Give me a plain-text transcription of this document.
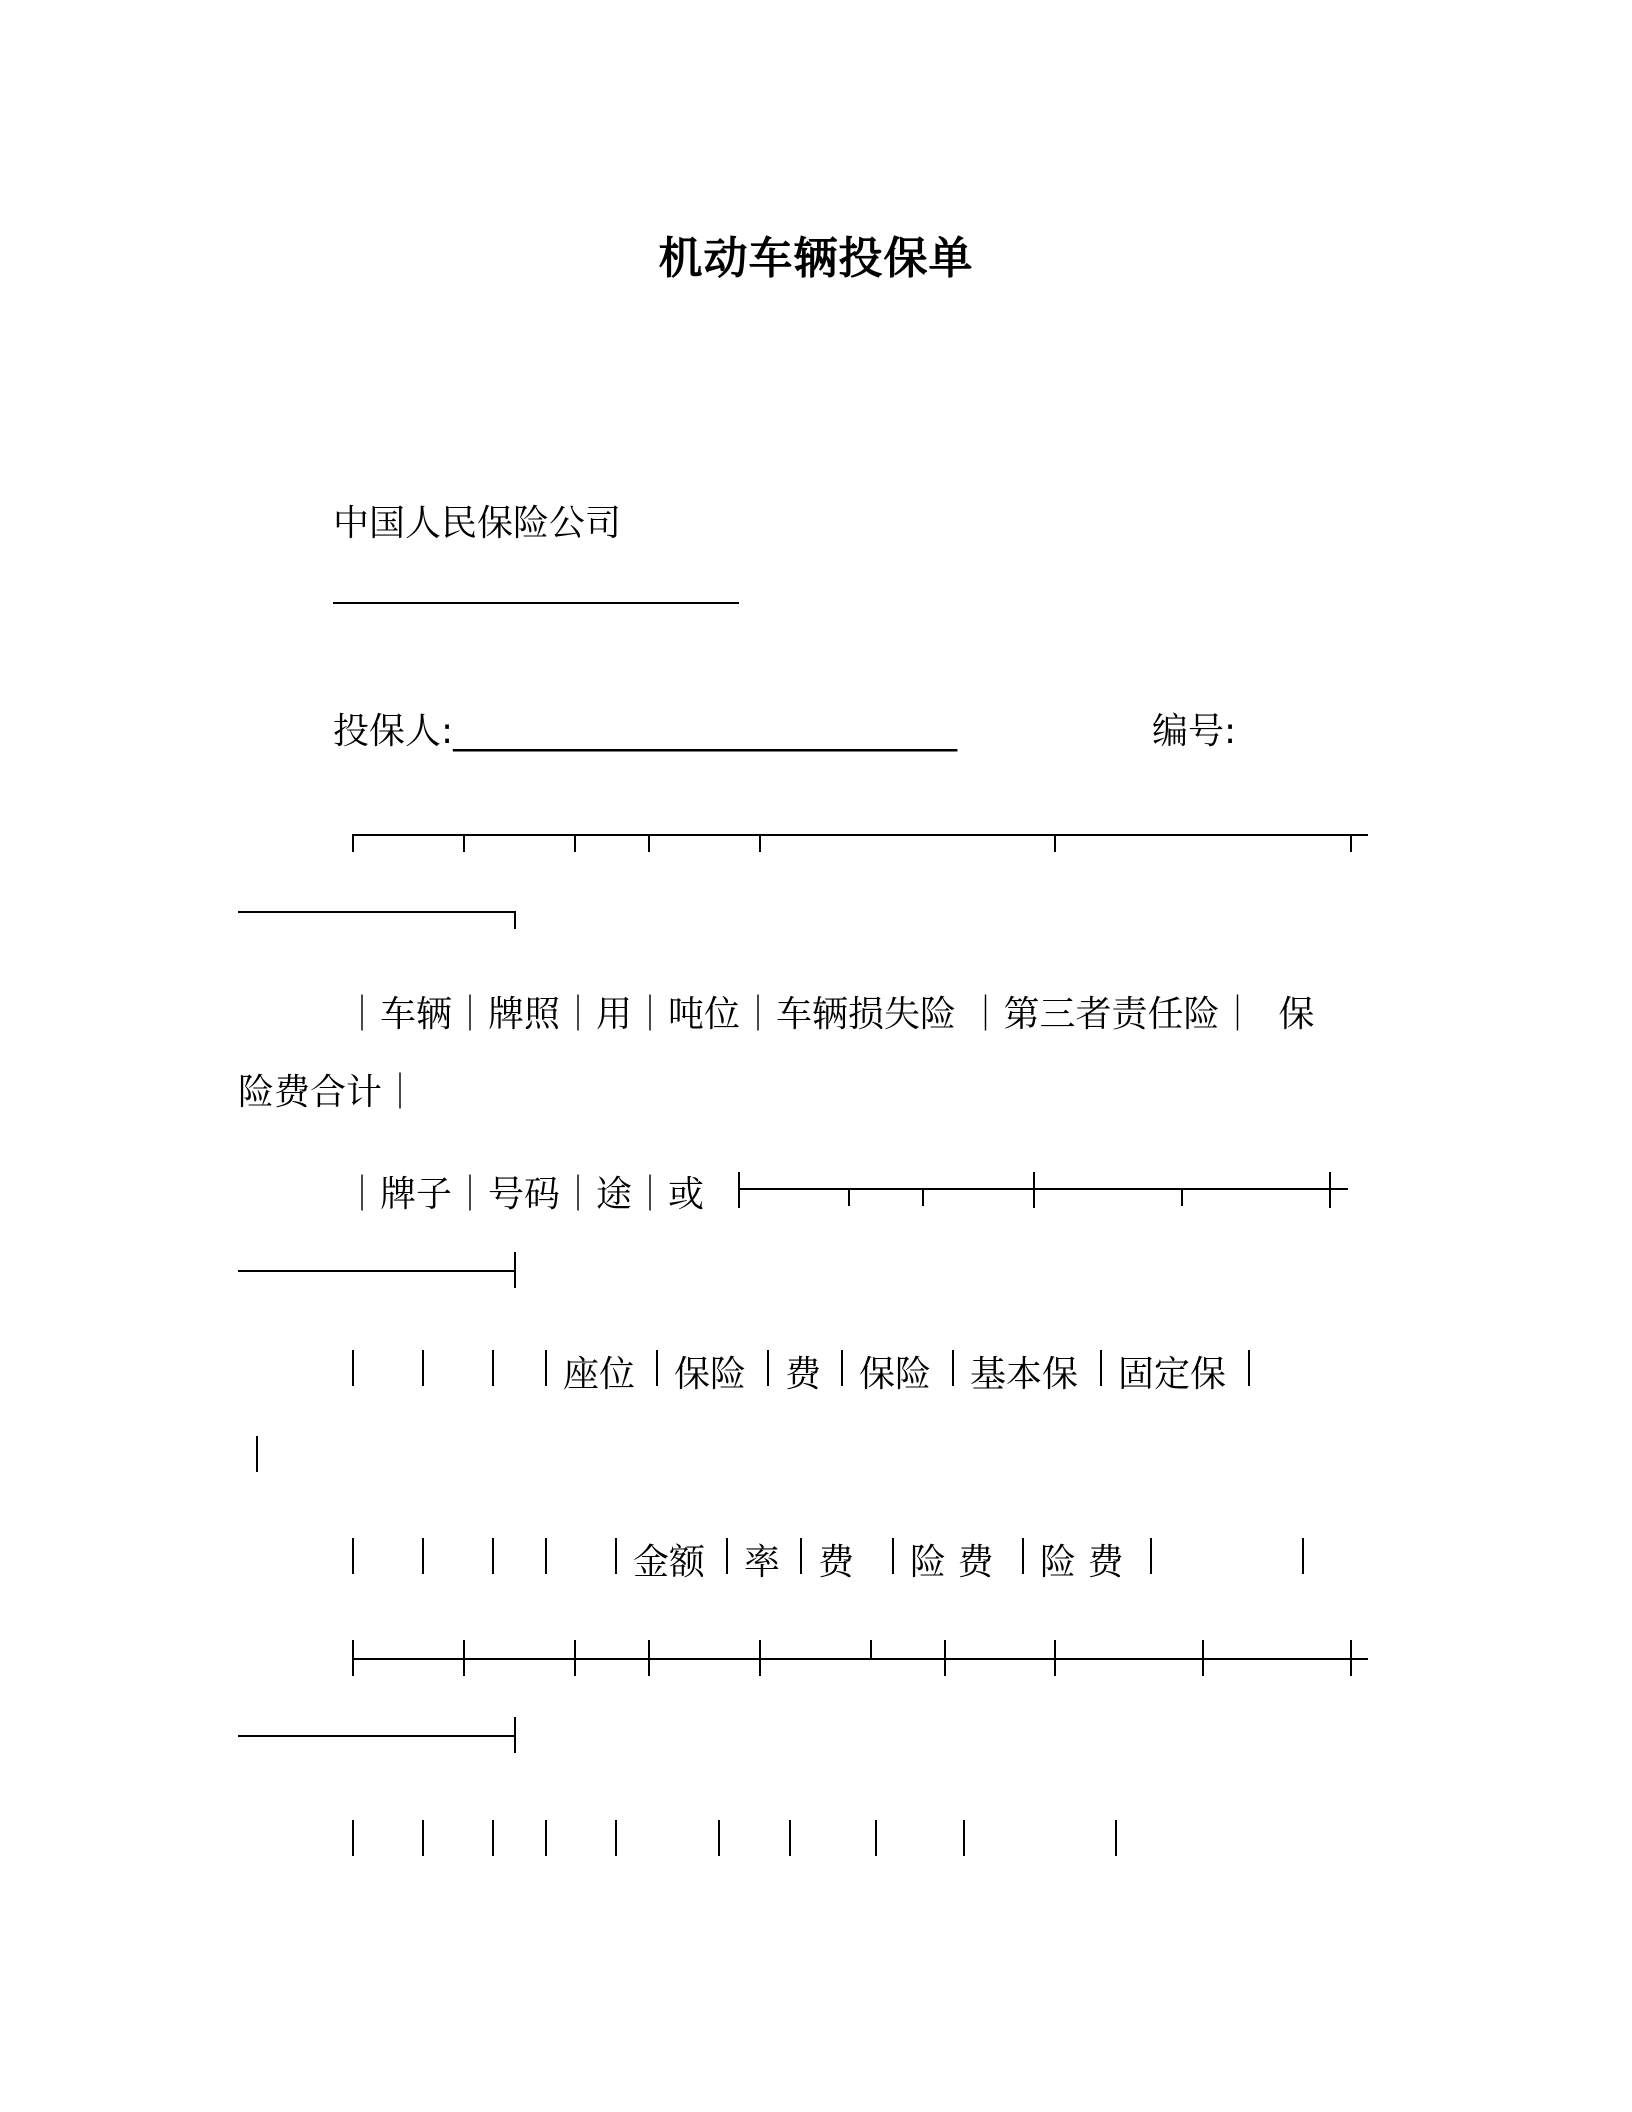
机动车辆投保单
中国人民保险公司
投保人:____________________________	编号:
｜车辆｜牌照｜用｜吨位｜车辆损失险 ｜第三者责任险｜  保
险费合计｜
｜牌子｜号码｜途｜或
座位 保险 费 保险 基本保 固定保
金额 率 费 险 费 险 费
